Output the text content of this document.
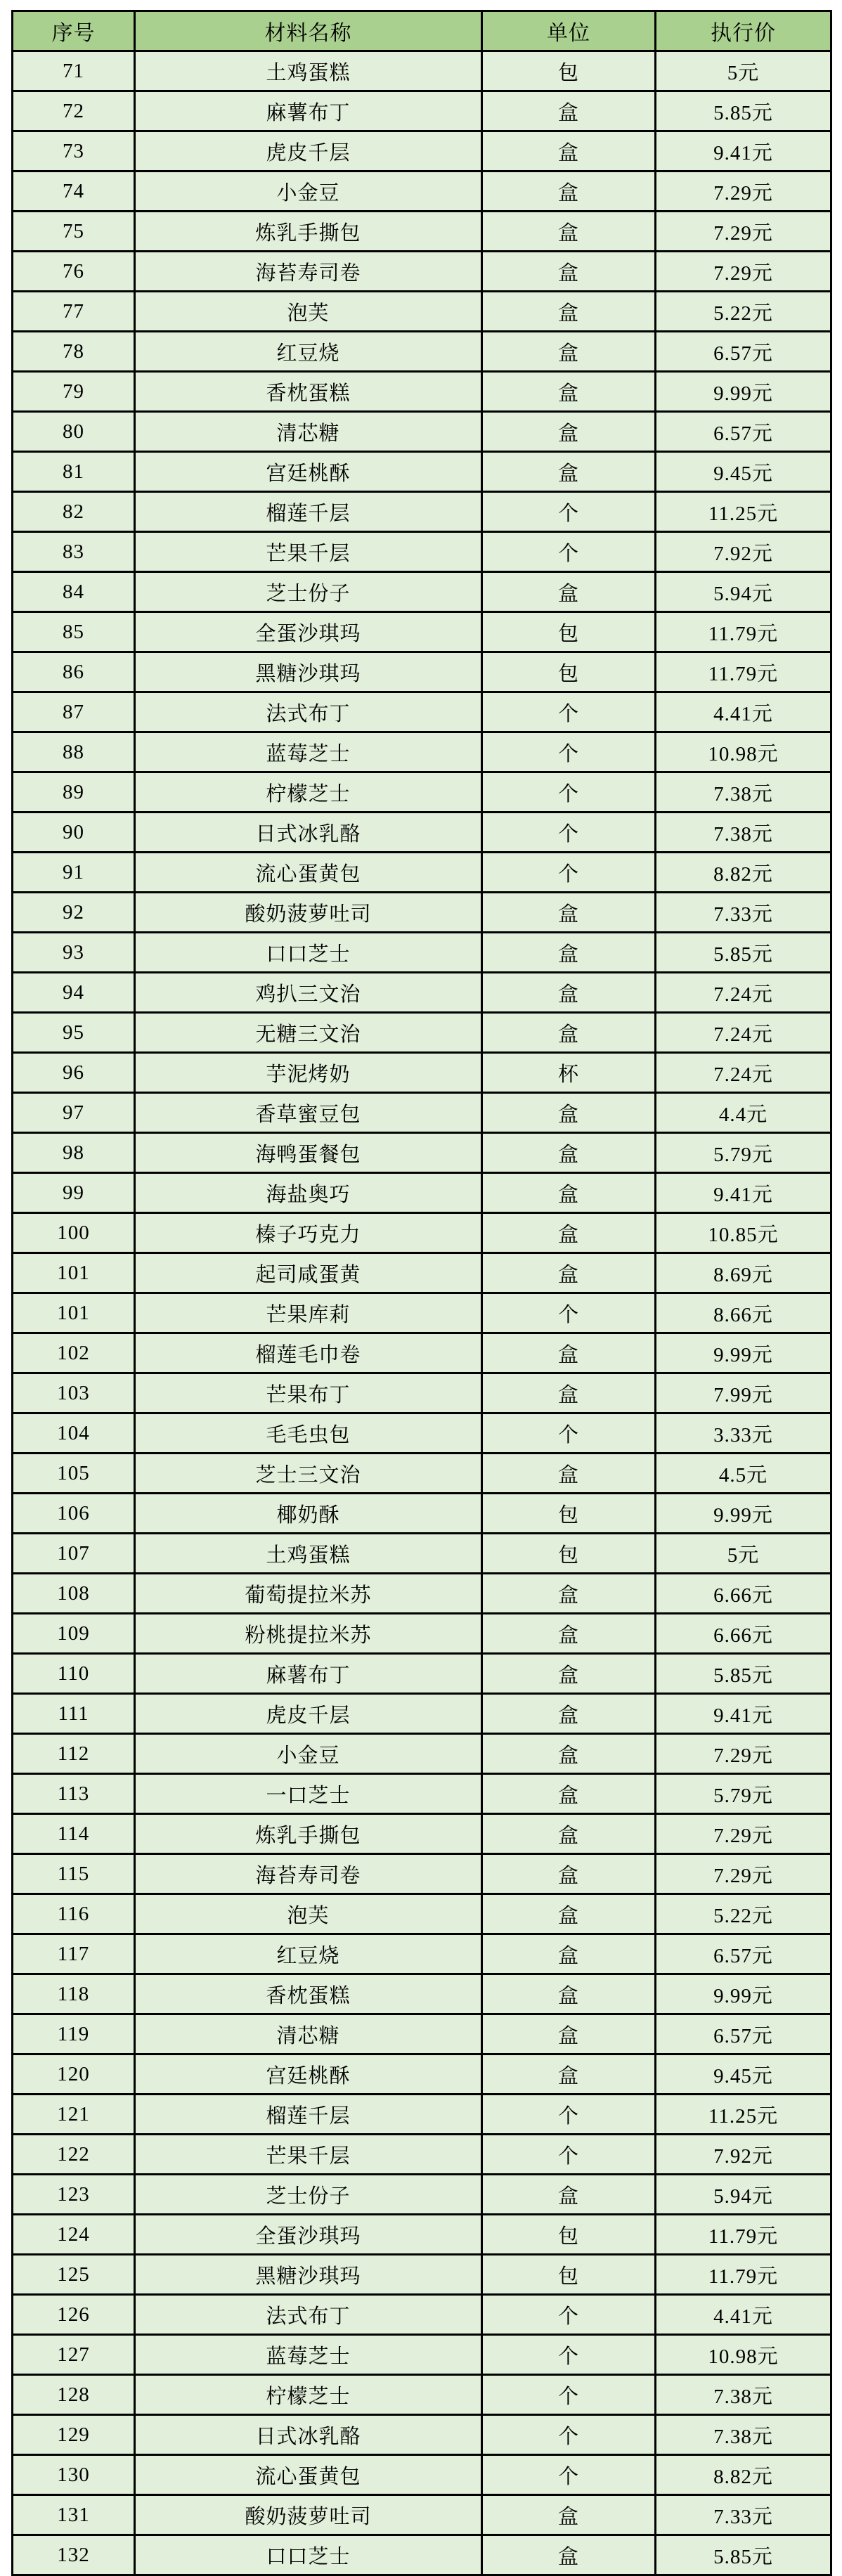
序号	材料名称	单位	执行价
71	土鸡蛋糕	包	5元
72	麻薯布丁	盒	5.85元
73	虎皮千层	盒	9.41元
74	小金豆	盒	7.29元
75	炼乳手撕包	盒	7.29元
76	海苔寿司卷	盒	7.29元
77	泡芙	盒	5.22元
78	红豆烧	盒	6.57元
79	香枕蛋糕	盒	9.99元
80	清芯糖	盒	6.57元
81	宫廷桃酥	盒	9.45元
82	榴莲千层	个	11.25元
83	芒果千层	个	7.92元
84	芝士份子	盒	5.94元
85	全蛋沙琪玛	包	11.79元
86	黑糖沙琪玛	包	11.79元
87	法式布丁	个	4.41元
88	蓝莓芝士	个	10.98元
89	柠檬芝士	个	7.38元
90	日式冰乳酪	个	7.38元
91	流心蛋黄包	个	8.82元
92	酸奶菠萝吐司	盒	7.33元
93	口口芝士	盒	5.85元
94	鸡扒三文治	盒	7.24元
95	无糖三文治	盒	7.24元
96	芋泥烤奶	杯	7.24元
97	香草蜜豆包	盒	4.4元
98	海鸭蛋餐包	盒	5.79元
99	海盐奥巧	盒	9.41元
100	榛子巧克力	盒	10.85元
101	起司咸蛋黄	盒	8.69元
101	芒果库莉	个	8.66元
102	榴莲毛巾卷	盒	9.99元
103	芒果布丁	盒	7.99元
104	毛毛虫包	个	3.33元
105	芝士三文治	盒	4.5元
106	椰奶酥	包	9.99元
107	土鸡蛋糕	包	5元
108	葡萄提拉米苏	盒	6.66元
109	粉桃提拉米苏	盒	6.66元
110	麻薯布丁	盒	5.85元
111	虎皮千层	盒	9.41元
112	小金豆	盒	7.29元
113	一口芝士	盒	5.79元
114	炼乳手撕包	盒	7.29元
115	海苔寿司卷	盒	7.29元
116	泡芙	盒	5.22元
117	红豆烧	盒	6.57元
118	香枕蛋糕	盒	9.99元
119	清芯糖	盒	6.57元
120	宫廷桃酥	盒	9.45元
121	榴莲千层	个	11.25元
122	芒果千层	个	7.92元
123	芝士份子	盒	5.94元
124	全蛋沙琪玛	包	11.79元
125	黑糖沙琪玛	包	11.79元
126	法式布丁	个	4.41元
127	蓝莓芝士	个	10.98元
128	柠檬芝士	个	7.38元
129	日式冰乳酪	个	7.38元
130	流心蛋黄包	个	8.82元
131	酸奶菠萝吐司	盒	7.33元
132	口口芝士	盒	5.85元
